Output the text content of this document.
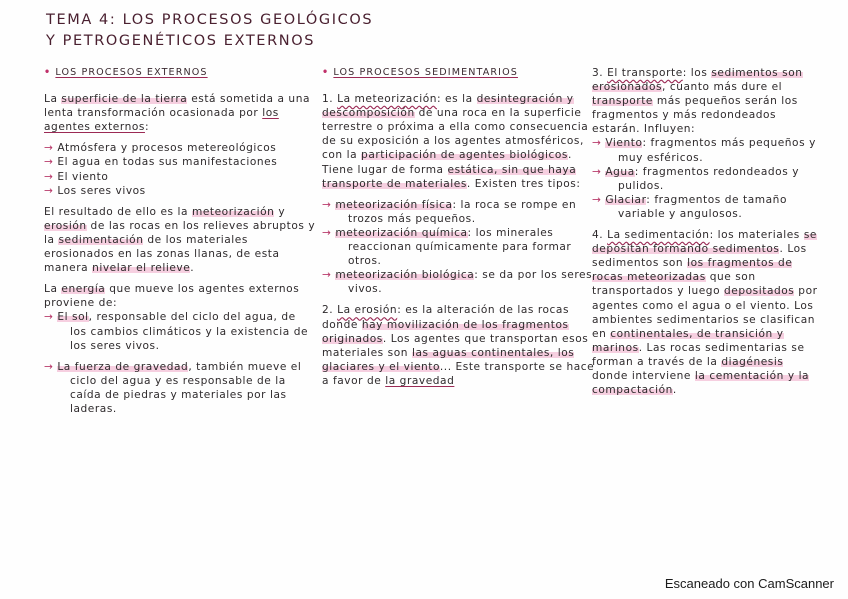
TEMA 4: LOS PROCESOS GEOLÓGICOS
Y PETROGENÉTICOS EXTERNOS

• LOS PROCESOS EXTERNOS

La superficie de la tierra está sometida a una lenta transformación ocasionada por los agentes externos:

→ Atmósfera y procesos metereológicos

→ El agua en todas sus manifestaciones

→ El viento

→ Los seres vivos

El resultado de ello es la meteorización y erosión de las rocas en los relieves abruptos y la sedimentación de los materiales erosionados en las zonas llanas, de esta manera nivelar el relieve.

La energía que mueve los agentes externos proviene de:

→ El sol, responsable del ciclo del agua, de los cambios climáticos y la existencia de los seres vivos.

→ La fuerza de gravedad, también mueve el ciclo del agua y es responsable de la caída de piedras y materiales por las laderas.

• LOS PROCESOS SEDIMENTARIOS

1. La meteorización: es la desintegración y descomposición de una roca en la superficie terrestre o próxima a ella como consecuencia de su exposición a los agentes atmosféricos, con la participación de agentes biológicos. Tiene lugar de forma estática, sin que haya transporte de materiales. Existen tres tipos:

→ meteorización física: la roca se rompe en trozos más pequeños.

→ meteorización química: los minerales reaccionan químicamente para formar otros.

→ meteorización biológica: se da por los seres vivos.

2. La erosión: es la alteración de las rocas donde hay movilización de los fragmentos originados. Los agentes que transportan esos materiales son las aguas continentales, los glaciares y el viento... Este transporte se hace a favor de la gravedad

3. El transporte: los sedimentos son erosionados, cuanto más dure el transporte más pequeños serán los fragmentos y más redondeados estarán. Influyen:

→ Viento: fragmentos más pequeños y muy esféricos.

→ Agua: fragmentos redondeados y pulidos.

→ Glaciar: fragmentos de tamaño variable y angulosos.

4. La sedimentación: los materiales se depositan formando sedimentos. Los sedimentos son los fragmentos de rocas meteorizadas que son transportados y luego depositados por agentes como el agua o el viento. Los ambientes sedimentarios se clasifican en continentales, de transición y marinos. Las rocas sedimentarias se forman a través de la diagénesis donde interviene la cementación y la compactación.

Escaneado con CamScanner
